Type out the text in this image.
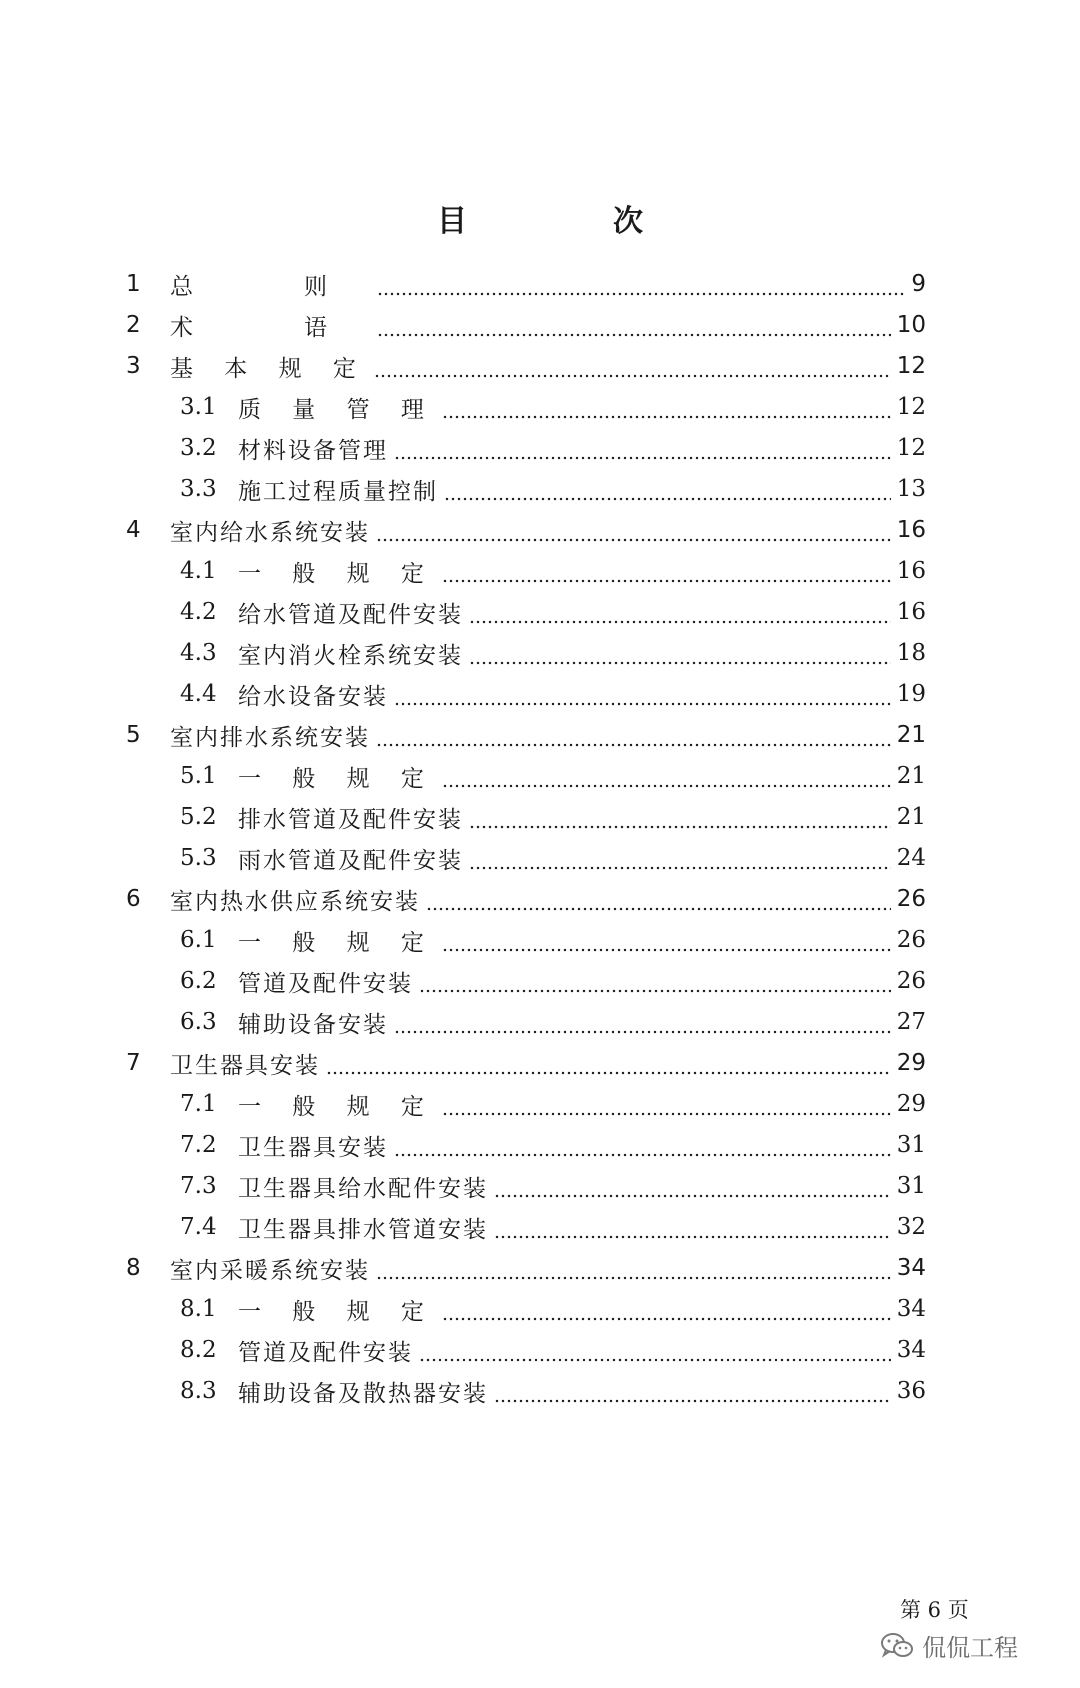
目　次
1	总　则	9
2	术　语	10
3	基 本 规 定	12
3.1 质 量 管 理	12
3.2 材料设备管理	12
3.3 施工过程质量控制	13
4	室内给水系统安装	16
4.1 一 般 规 定	16
4.2 给水管道及配件安装	16
4.3 室内消火栓系统安装	18
4.4 给水设备安装	19
5	室内排水系统安装	21
5.1 一 般 规 定	21
5.2 排水管道及配件安装	21
5.3 雨水管道及配件安装	24
6	室内热水供应系统安装	26
6.1 一 般 规 定	26
6.2 管道及配件安装	26
6.3 辅助设备安装	27
7	卫生器具安装	29
7.1 一 般 规 定	29
7.2 卫生器具安装	31
7.3 卫生器具给水配件安装	31
7.4 卫生器具排水管道安装	32
8	室内采暖系统安装	34
8.1 一 般 规 定	34
8.2 管道及配件安装	34
8.3 辅助设备及散热器安装	36
第 6 页
侃侃工程
